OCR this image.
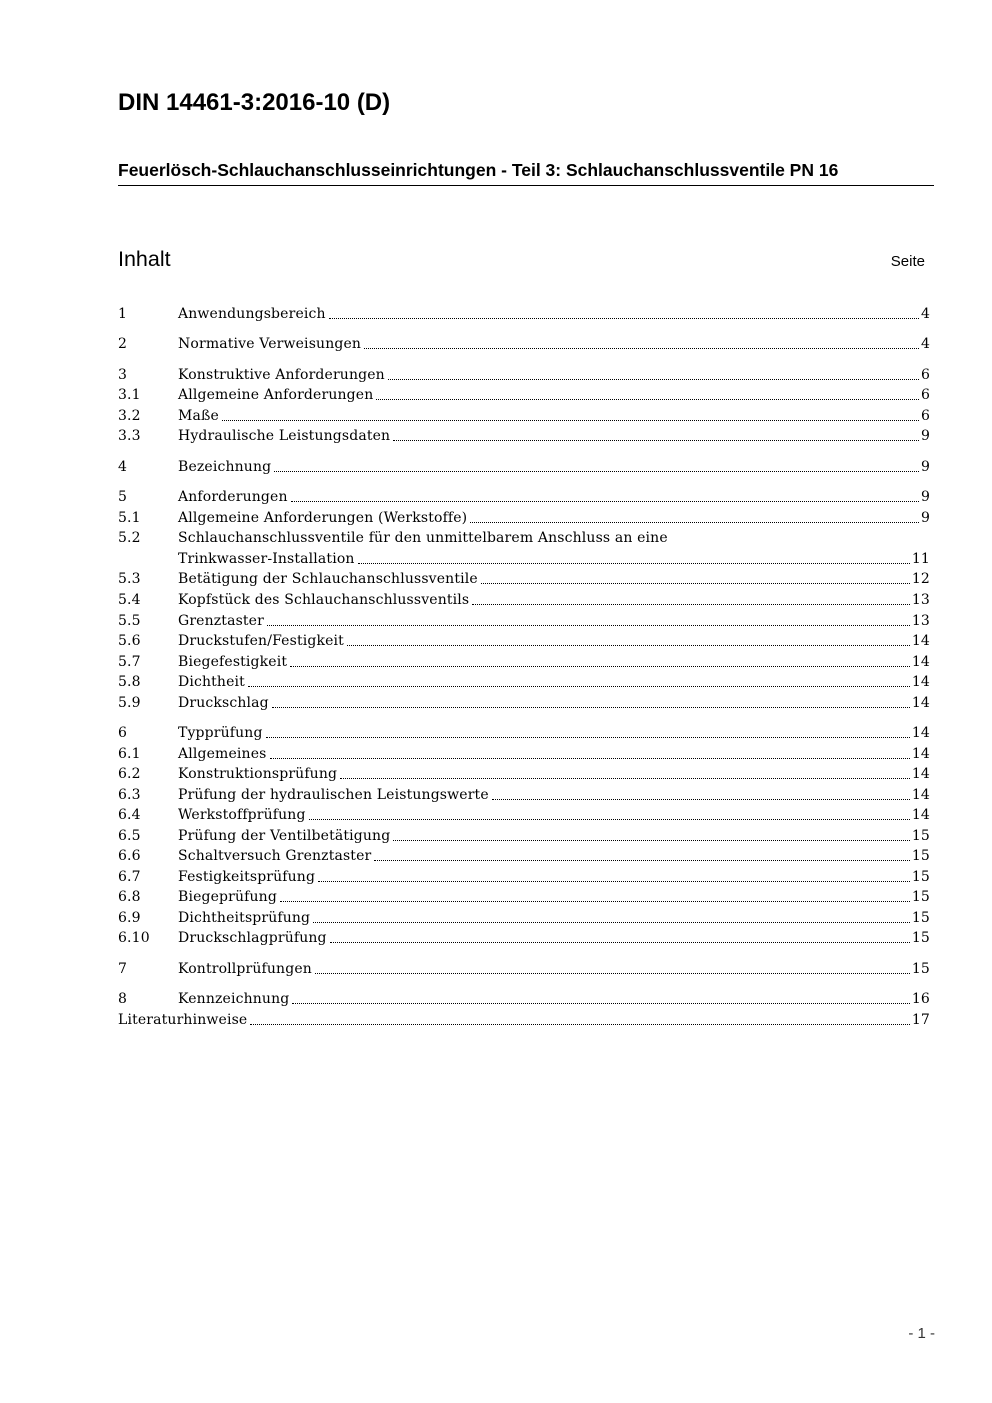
DIN 14461-3:2016-10 (D)
Feuerlösch-Schlauchanschlusseinrichtungen - Teil 3: Schlauchanschlussventile PN 16
Inhalt	Seite
1	Anwendungsbereich	4
2	Normative Verweisungen	4
3	Konstruktive Anforderungen	6
3.1	Allgemeine Anforderungen	6
3.2	Maße	6
3.3	Hydraulische Leistungsdaten	9
4	Bezeichnung	9
5	Anforderungen	9
5.1	Allgemeine Anforderungen (Werkstoffe)	9
5.2	Schlauchanschlussventile für den unmittelbarem Anschluss an eine
Trinkwasser-Installation	11
5.3	Betätigung der Schlauchanschlussventile	12
5.4	Kopfstück des Schlauchanschlussventils	13
5.5	Grenztaster	13
5.6	Druckstufen/Festigkeit	14
5.7	Biegefestigkeit	14
5.8	Dichtheit	14
5.9	Druckschlag	14
6	Typprüfung	14
6.1	Allgemeines	14
6.2	Konstruktionsprüfung	14
6.3	Prüfung der hydraulischen Leistungswerte	14
6.4	Werkstoffprüfung	14
6.5	Prüfung der Ventilbetätigung	15
6.6	Schaltversuch Grenztaster	15
6.7	Festigkeitsprüfung	15
6.8	Biegeprüfung	15
6.9	Dichtheitsprüfung	15
6.10	Druckschlagprüfung	15
7	Kontrollprüfungen	15
8	Kennzeichnung	16
Literaturhinweise	17
- 1 -
